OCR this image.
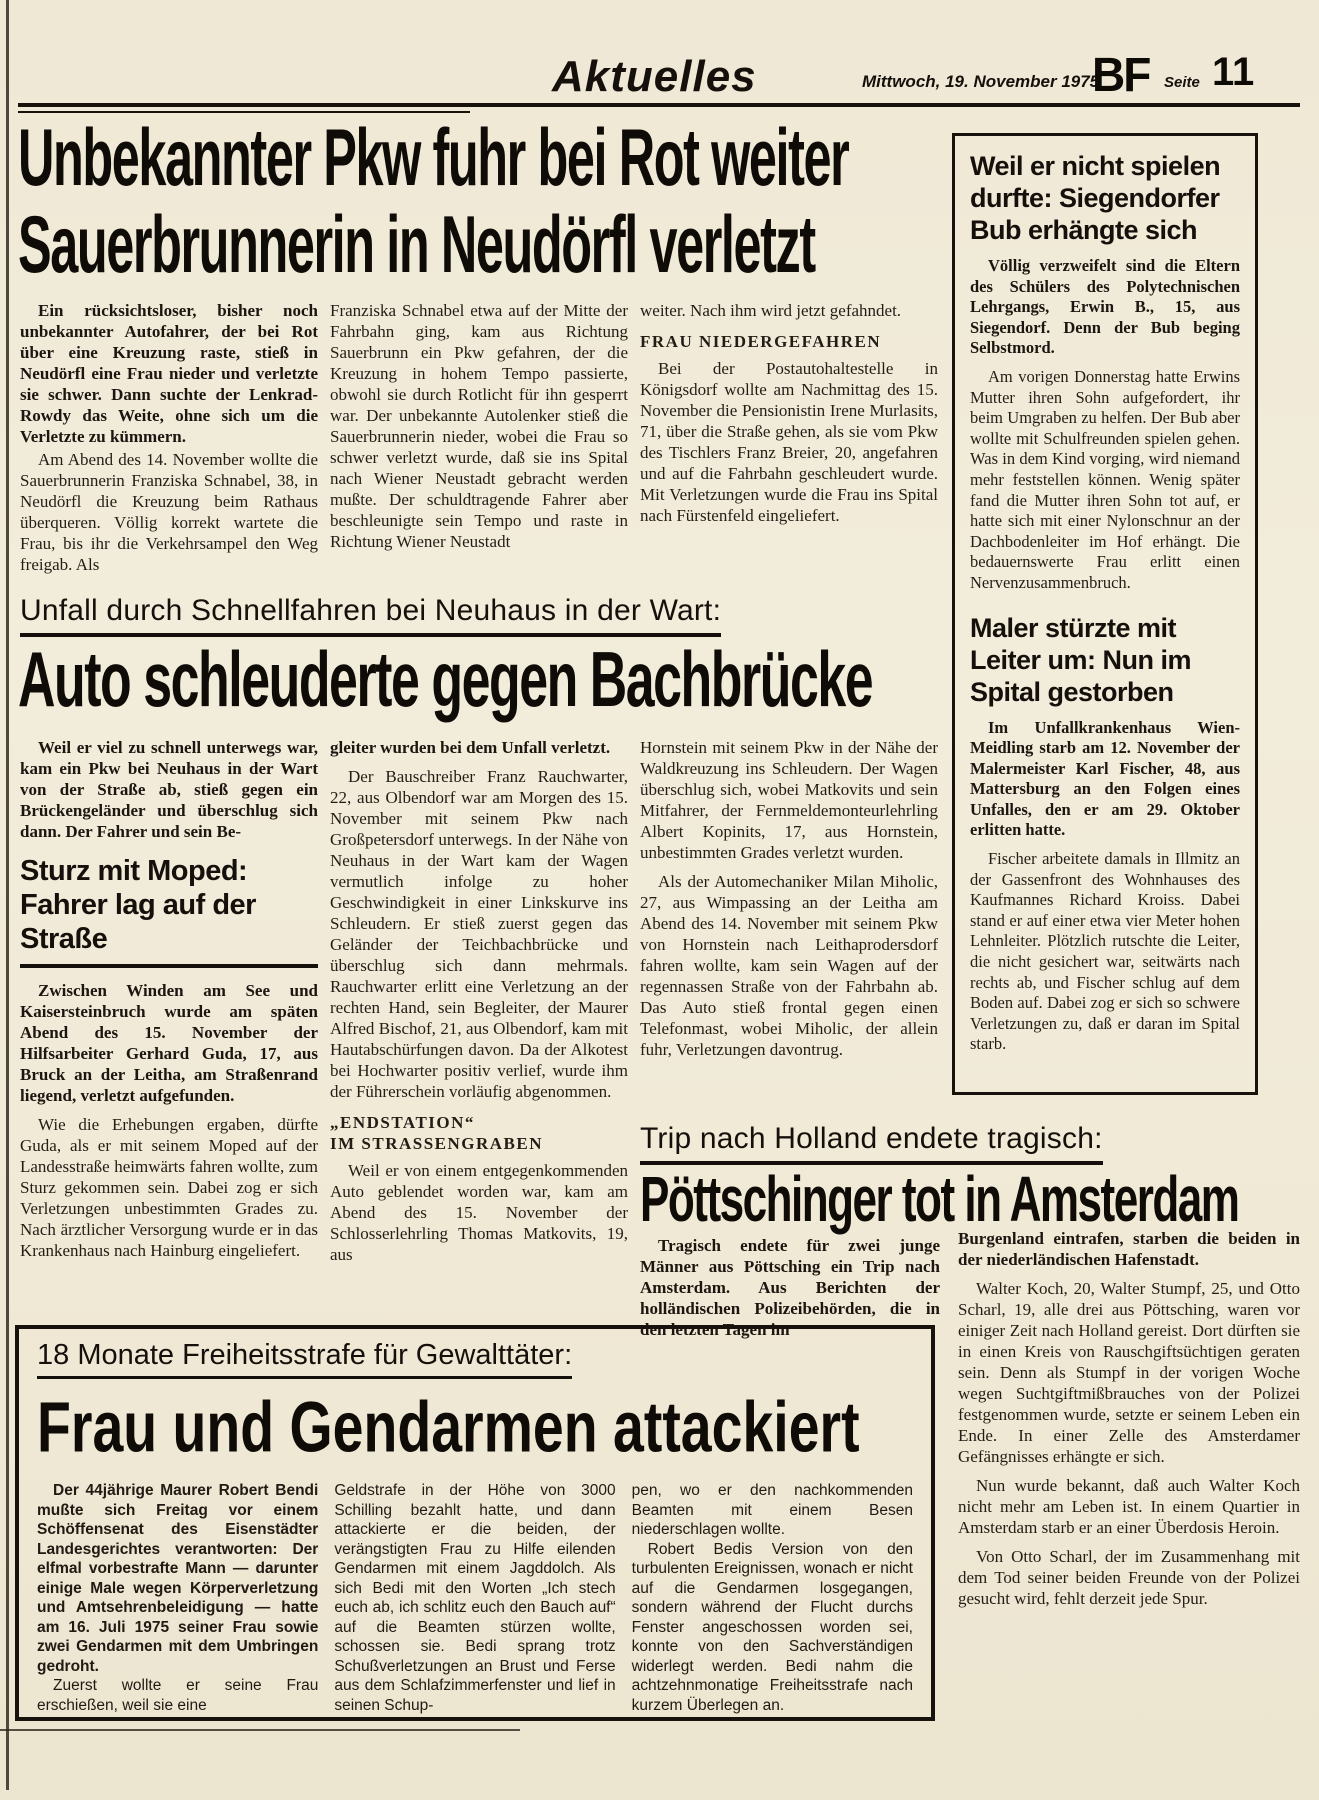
Aktuelles	Mittwoch, 19. November 1975
BF Seite 11
Unbekannter Pkw fuhr bei Rot weiter
Sauerbrunnerin in Neudörfl verletzt

Ein rücksichtsloser, bisher noch unbekannter Autofahrer, der bei Rot über eine Kreuzung raste, stieß in Neudörfl eine Frau nieder und verletzte sie schwer. Dann suchte der Lenkrad-Rowdy das Weite, ohne sich um die Verletzte zu kümmern.

Am Abend des 14. November wollte die Sauerbrunnerin Franziska Schnabel, 38, in Neudörfl die Kreuzung beim Rathaus überqueren. Völlig korrekt wartete die Frau, bis ihr die Verkehrsampel den Weg freigab. Als

Franziska Schnabel etwa auf der Mitte der Fahrbahn ging, kam aus Richtung Sauerbrunn ein Pkw gefahren, der die Kreuzung in hohem Tempo passierte, obwohl sie durch Rotlicht für ihn gesperrt war. Der unbekannte Autolenker stieß die Sauerbrunnerin nieder, wobei die Frau so schwer verletzt wurde, daß sie ins Spital nach Wiener Neustadt gebracht werden mußte. Der schuldtragende Fahrer aber beschleunigte sein Tempo und raste in Richtung Wiener Neustadt

weiter. Nach ihm wird jetzt gefahndet.

FRAU NIEDERGEFAHREN

Bei der Postautohaltestelle in Königsdorf wollte am Nachmittag des 15. November die Pensionistin Irene Murlasits, 71, über die Straße gehen, als sie vom Pkw des Tischlers Franz Breier, 20, angefahren und auf die Fahrbahn geschleudert wurde. Mit Verletzungen wurde die Frau ins Spital nach Fürstenfeld eingeliefert.

Weil er nicht spielen durfte: Siegendorfer Bub erhängte sich

Völlig verzweifelt sind die Eltern des Schülers des Polytechnischen Lehrgangs, Erwin B., 15, aus Siegendorf. Denn der Bub beging Selbstmord.

Am vorigen Donnerstag hatte Erwins Mutter ihren Sohn aufgefordert, ihr beim Umgraben zu helfen. Der Bub aber wollte mit Schulfreunden spielen gehen. Was in dem Kind vorging, wird niemand mehr feststellen können. Wenig später fand die Mutter ihren Sohn tot auf, er hatte sich mit einer Nylonschnur an der Dachbodenleiter im Hof erhängt. Die bedauernswerte Frau erlitt einen Nervenzusammenbruch.

Maler stürzte mit Leiter um: Nun im Spital gestorben

Im Unfallkrankenhaus Wien-Meidling starb am 12. November der Malermeister Karl Fischer, 48, aus Mattersburg an den Folgen eines Unfalles, den er am 29. Oktober erlitten hatte.

Fischer arbeitete damals in Illmitz an der Gassenfront des Wohnhauses des Kaufmannes Richard Kroiss. Dabei stand er auf einer etwa vier Meter hohen Lehnleiter. Plötzlich rutschte die Leiter, die nicht gesichert war, seitwärts nach rechts ab, und Fischer schlug auf dem Boden auf. Dabei zog er sich so schwere Verletzungen zu, daß er daran im Spital starb.

Unfall durch Schnellfahren bei Neuhaus in der Wart:
Auto schleuderte gegen Bachbrücke

Weil er viel zu schnell unterwegs war, kam ein Pkw bei Neuhaus in der Wart von der Straße ab, stieß gegen ein Brückengeländer und überschlug sich dann. Der Fahrer und sein Be-

Sturz mit Moped:
Fahrer lag auf der Straße

Zwischen Winden am See und Kaisersteinbruch wurde am späten Abend des 15. November der Hilfsarbeiter Gerhard Guda, 17, aus Bruck an der Leitha, am Straßenrand liegend, verletzt aufgefunden.

Wie die Erhebungen ergaben, dürfte Guda, als er mit seinem Moped auf der Landesstraße heimwärts fahren wollte, zum Sturz gekommen sein. Dabei zog er sich Verletzungen unbestimmten Grades zu. Nach ärztlicher Versorgung wurde er in das Krankenhaus nach Hainburg eingeliefert.

gleiter wurden bei dem Unfall verletzt.

Der Bauschreiber Franz Rauchwarter, 22, aus Olbendorf war am Morgen des 15. November mit seinem Pkw nach Großpetersdorf unterwegs. In der Nähe von Neuhaus in der Wart kam der Wagen vermutlich infolge zu hoher Geschwindigkeit in einer Linkskurve ins Schleudern. Er stieß zuerst gegen das Geländer der Teichbachbrücke und überschlug sich dann mehrmals. Rauchwarter erlitt eine Verletzung an der rechten Hand, sein Begleiter, der Maurer Alfred Bischof, 21, aus Olbendorf, kam mit Hautabschürfungen davon. Da der Alkotest bei Hochwarter positiv verlief, wurde ihm der Führerschein vorläufig abgenommen.

„ENDSTATION“

IM STRASSENGRABEN

Weil er von einem entgegenkommenden Auto geblendet worden war, kam am Abend des 15. November der Schlosserlehrling Thomas Matkovits, 19, aus

Hornstein mit seinem Pkw in der Nähe der Waldkreuzung ins Schleudern. Der Wagen überschlug sich, wobei Matkovits und sein Mitfahrer, der Fernmeldemonteurlehrling Albert Kopinits, 17, aus Hornstein, unbestimmten Grades verletzt wurden.

Als der Automechaniker Milan Miholic, 27, aus Wimpassing an der Leitha am Abend des 14. November mit seinem Pkw von Hornstein nach Leithaprodersdorf fahren wollte, kam sein Wagen auf der regennassen Straße von der Fahrbahn ab. Das Auto stieß frontal gegen einen Telefonmast, wobei Miholic, der allein fuhr, Verletzungen davontrug.

Trip nach Holland endete tragisch:
Pöttschinger tot in Amsterdam

Tragisch endete für zwei junge Männer aus Pöttsching ein Trip nach Amsterdam. Aus Berichten der holländischen Polizeibehörden, die in den letzten Tagen im

Burgenland eintrafen, starben die beiden in der niederländischen Hafenstadt.

Walter Koch, 20, Walter Stumpf, 25, und Otto Scharl, 19, alle drei aus Pöttsching, waren vor einiger Zeit nach Holland gereist. Dort dürften sie in einen Kreis von Rauschgiftsüchtigen geraten sein. Denn als Stumpf in der vorigen Woche wegen Suchtgiftmißbrauches von der Polizei festgenommen wurde, setzte er seinem Leben ein Ende. In einer Zelle des Amsterdamer Gefängnisses erhängte er sich.

Nun wurde bekannt, daß auch Walter Koch nicht mehr am Leben ist. In einem Quartier in Amsterdam starb er an einer Überdosis Heroin.

Von Otto Scharl, der im Zusammenhang mit dem Tod seiner beiden Freunde von der Polizei gesucht wird, fehlt derzeit jede Spur.

18 Monate Freiheitsstrafe für Gewalttäter:
Frau und Gendarmen attackiert

Der 44jährige Maurer Robert Bendi mußte sich Freitag vor einem Schöffensenat des Eisenstädter Landesgerichtes verantworten: Der elfmal vorbestrafte Mann — darunter einige Male wegen Körperverletzung und Amtsehrenbeleidigung — hatte am 16. Juli 1975 seiner Frau sowie zwei Gendarmen mit dem Umbringen gedroht.

Zuerst wollte er seine Frau erschießen, weil sie eine

Geldstrafe in der Höhe von 3000 Schilling bezahlt hatte, und dann attackierte er die beiden, der verängstigten Frau zu Hilfe eilenden Gendarmen mit einem Jagddolch. Als sich Bedi mit den Worten „Ich stech euch ab, ich schlitz euch den Bauch auf“ auf die Beamten stürzen wollte, schossen sie. Bedi sprang trotz Schußverletzungen an Brust und Ferse aus dem Schlafzimmerfenster und lief in seinen Schup-

pen, wo er den nachkommenden Beamten mit einem Besen niederschlagen wollte.

Robert Bedis Version von den turbulenten Ereignissen, wonach er nicht auf die Gendarmen losgegangen, sondern während der Flucht durchs Fenster angeschossen worden sei, konnte von den Sachverständigen widerlegt werden. Bedi nahm die achtzehnmonatige Freiheitsstrafe nach kurzem Überlegen an.
